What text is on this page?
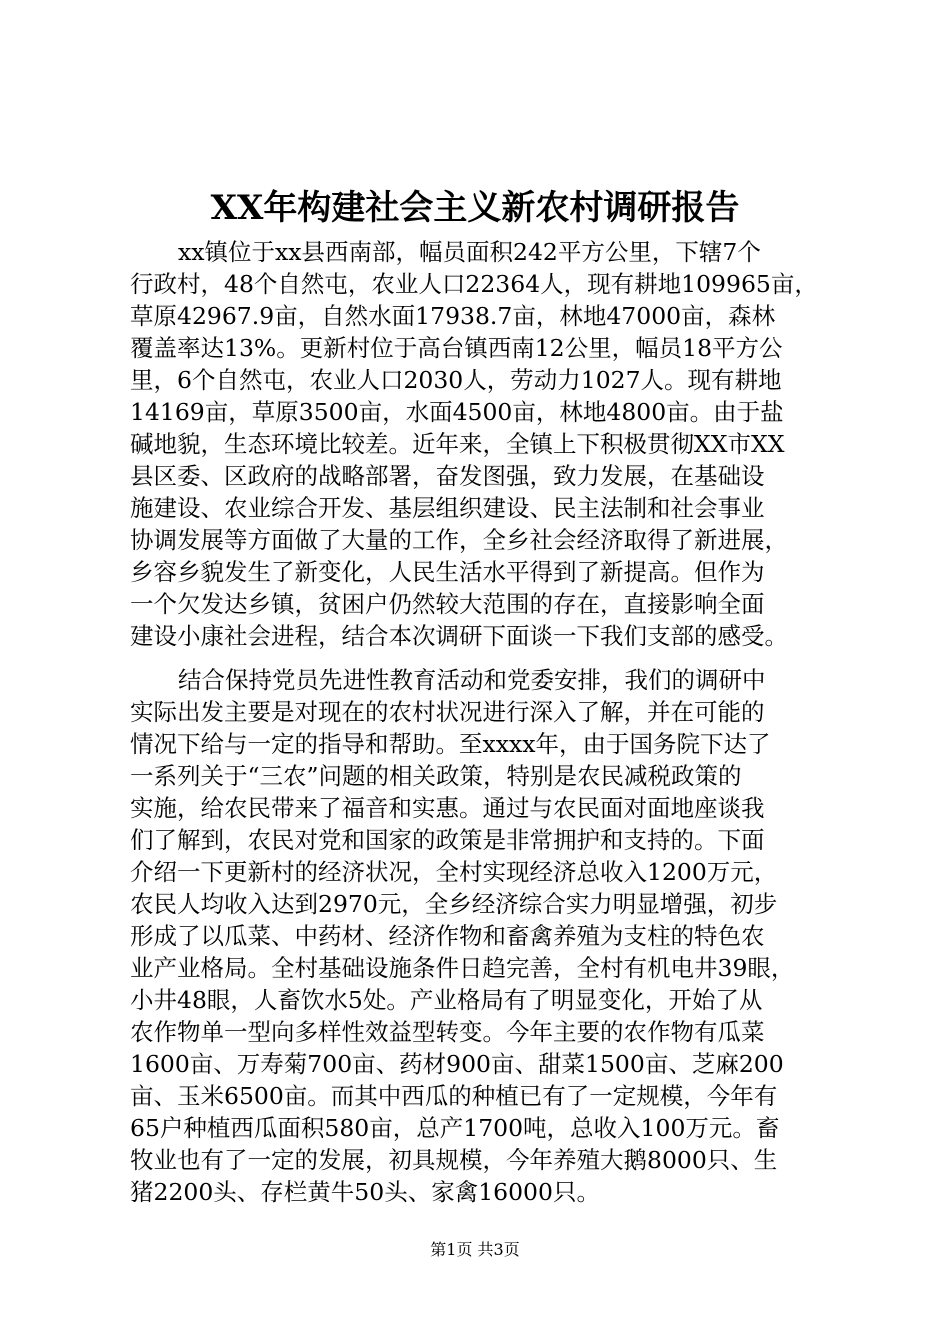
XX年构建社会主义新农村调研报告
xx镇位于xx县西南部，幅员面积242平方公里，下辖7个
行政村，48个自然屯，农业人口22364人，现有耕地109965亩，
草原42967.9亩，自然水面17938.7亩，林地47000亩，森林
覆盖率达13%。更新村位于高台镇西南12公里，幅员18平方公
里，6个自然屯，农业人口2030人，劳动力1027人。现有耕地
14169亩，草原3500亩，水面4500亩，林地4800亩。由于盐
碱地貌，生态环境比较差。近年来，全镇上下积极贯彻XX市XX
县区委、区政府的战略部署，奋发图强，致力发展，在基础设
施建设、农业综合开发、基层组织建设、民主法制和社会事业
协调发展等方面做了大量的工作，全乡社会经济取得了新进展，
乡容乡貌发生了新变化，人民生活水平得到了新提高。但作为
一个欠发达乡镇，贫困户仍然较大范围的存在，直接影响全面
建设小康社会进程，结合本次调研下面谈一下我们支部的感受。
结合保持党员先进性教育活动和党委安排，我们的调研中
实际出发主要是对现在的农村状况进行深入了解，并在可能的
情况下给与一定的指导和帮助。至xxxx年，由于国务院下达了
一系列关于“三农”问题的相关政策，特别是农民减税政策的
实施，给农民带来了福音和实惠。通过与农民面对面地座谈我
们了解到，农民对党和国家的政策是非常拥护和支持的。下面
介绍一下更新村的经济状况，全村实现经济总收入1200万元，
农民人均收入达到2970元，全乡经济综合实力明显增强，初步
形成了以瓜菜、中药材、经济作物和畜禽养殖为支柱的特色农
业产业格局。全村基础设施条件日趋完善，全村有机电井39眼，
小井48眼，人畜饮水5处。产业格局有了明显变化，开始了从
农作物单一型向多样性效益型转变。今年主要的农作物有瓜菜
1600亩、万寿菊700亩、药材900亩、甜菜1500亩、芝麻200
亩、玉米6500亩。而其中西瓜的种植已有了一定规模，今年有
65户种植西瓜面积580亩，总产1700吨，总收入100万元。畜
牧业也有了一定的发展，初具规模，今年养殖大鹅8000只、生
猪2200头、存栏黄牛50头、家禽16000只。
第1页 共3页
